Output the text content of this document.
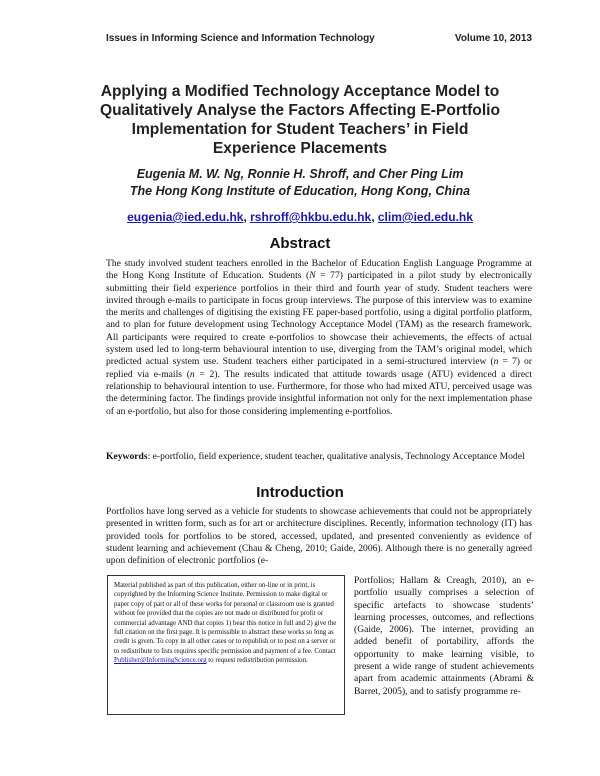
Issues in Informing Science and Information Technology	Volume 10, 2013
Applying a Modified Technology Acceptance Model to Qualitatively Analyse the Factors Affecting E-Portfolio Implementation for Student Teachers’ in Field Experience Placements
Eugenia M. W. Ng, Ronnie H. Shroff, and Cher Ping Lim
The Hong Kong Institute of Education, Hong Kong, China
eugenia@ied.edu.hk, rshroff@hkbu.edu.hk, clim@ied.edu.hk
Abstract

The study involved student teachers enrolled in the Bachelor of Education English Language Programme at the Hong Kong Institute of Education. Students (N = 77) participated in a pilot study by electronically submitting their field experience portfolios in their third and fourth year of study. Student teachers were invited through e-mails to participate in focus group interviews. The purpose of this interview was to examine the merits and challenges of digitising the existing FE paper-based portfolio, using a digital portfolio platform, and to plan for future development using Technology Acceptance Model (TAM) as the research framework. All participants were required to create e-portfolios to showcase their achievements, the effects of actual system used led to long-term behavioural intention to use, diverging from the TAM’s original model, which predicted actual system use. Student teachers either participated in a semi-structured interview (n = 7) or replied via e-mails (n = 2). The results indicated that attitude towards usage (ATU) evidenced a direct relationship to behavioural intention to use. Furthermore, for those who had mixed ATU, perceived usage was the determining factor. The findings provide insightful information not only for the next implementation phase of an e-portfolio, but also for those considering implementing e-portfolios.

Keywords: e-portfolio, field experience, student teacher, qualitative analysis, Technology Acceptance Model

Introduction

Portfolios have long served as a vehicle for students to showcase achievements that could not be appropriately presented in written form, such as for art or architecture disciplines. Recently, information technology (IT) has provided tools for portfolios to be stored, accessed, updated, and presented conveniently as evidence of student learning and achievement (Chau & Cheng, 2010; Gaide, 2006). Although there is no generally agreed upon definition of electronic portfolios (e-

Material published as part of this publication, either on-line or in print, is copyrighted by the Informing Science Institute. Permission to make digital or paper copy of part or all of these works for personal or classroom use is granted without fee provided that the copies are not made or distributed for profit or commercial advantage AND that copies 1) bear this notice in full and 2) give the full citation on the first page. It is permissible to abstract these works so long as credit is given. To copy in all other cases or to republish or to post on a server or to redistribute to lists requires specific permission and payment of a fee. Contact Publisher@InformingScience.org to request redistribution permission.

Portfolios; Hallam & Creagh, 2010), an e-portfolio usually comprises a selection of specific artefacts to showcase students’ learning processes, outcomes, and reflections (Gaide, 2006). The internet, providing an added benefit of portability, affords the opportunity to make learning visible, to present a wide range of student achievements apart from academic attainments (Abrami & Barret, 2005), and to satisfy programme re-
